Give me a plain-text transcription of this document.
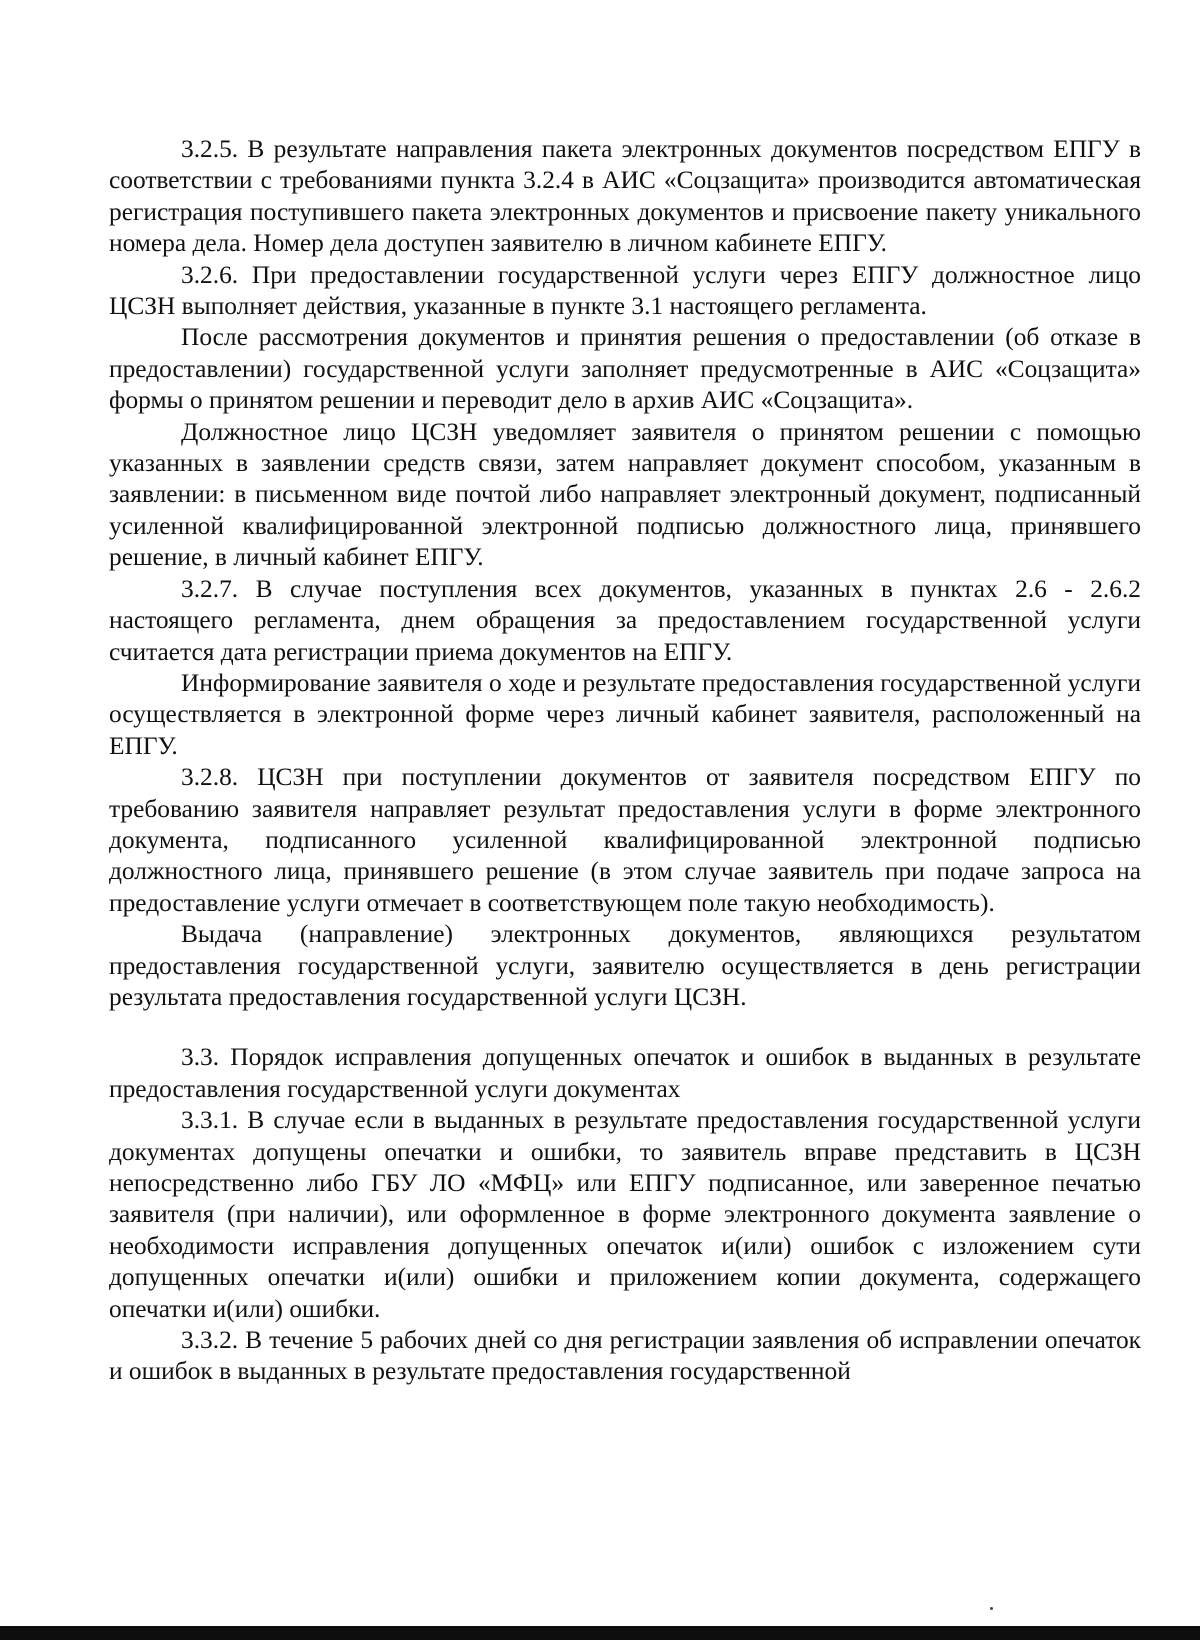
3.2.5. В результате направления пакета электронных документов посредством ЕПГУ в соответствии с требованиями пункта 3.2.4 в АИС «Соцзащита» производится автоматическая регистрация поступившего пакета электронных документов и присвоение пакету уникального номера дела. Номер дела доступен заявителю в личном кабинете ЕПГУ.

3.2.6. При предоставлении государственной услуги через ЕПГУ должностное лицо ЦСЗН выполняет действия, указанные в пункте 3.1 настоящего регламента.

После рассмотрения документов и принятия решения о предоставлении (об отказе в предоставлении) государственной услуги заполняет предусмотренные в АИС «Соцзащита» формы о принятом решении и переводит дело в архив АИС «Соцзащита».

Должностное лицо ЦСЗН уведомляет заявителя о принятом решении с помощью указанных в заявлении средств связи, затем направляет документ способом, указанным в заявлении: в письменном виде почтой либо направляет электронный документ, подписанный усиленной квалифицированной электронной подписью должностного лица, принявшего решение, в личный кабинет ЕПГУ.

3.2.7. В случае поступления всех документов, указанных в пунктах 2.6 - 2.6.2 настоящего регламента, днем обращения за предоставлением государственной услуги считается дата регистрации приема документов на ЕПГУ.

Информирование заявителя о ходе и результате предоставления государственной услуги осуществляется в электронной форме через личный кабинет заявителя, расположенный на ЕПГУ.

3.2.8. ЦСЗН при поступлении документов от заявителя посредством ЕПГУ по требованию заявителя направляет результат предоставления услуги в форме электронного документа, подписанного усиленной квалифицированной электронной подписью должностного лица, принявшего решение (в этом случае заявитель при подаче запроса на предоставление услуги отмечает в соответствующем поле такую необходимость).

Выдача (направление) электронных документов, являющихся результатом предоставления государственной услуги, заявителю осуществляется в день регистрации результата предоставления государственной услуги ЦСЗН.

3.3. Порядок исправления допущенных опечаток и ошибок в выданных в результате предоставления государственной услуги документах

3.3.1. В случае если в выданных в результате предоставления государственной услуги документах допущены опечатки и ошибки, то заявитель вправе представить в ЦСЗН непосредственно либо ГБУ ЛО «МФЦ» или ЕПГУ подписанное, или заверенное печатью заявителя (при наличии), или оформленное в форме электронного документа заявление о необходимости исправления допущенных опечаток и(или) ошибок с изложением сути допущенных опечатки и(или) ошибки и приложением копии документа, содержащего опечатки и(или) ошибки.

3.3.2. В течение 5 рабочих дней со дня регистрации заявления об исправлении опечаток и ошибок в выданных в результате предоставления государственной
